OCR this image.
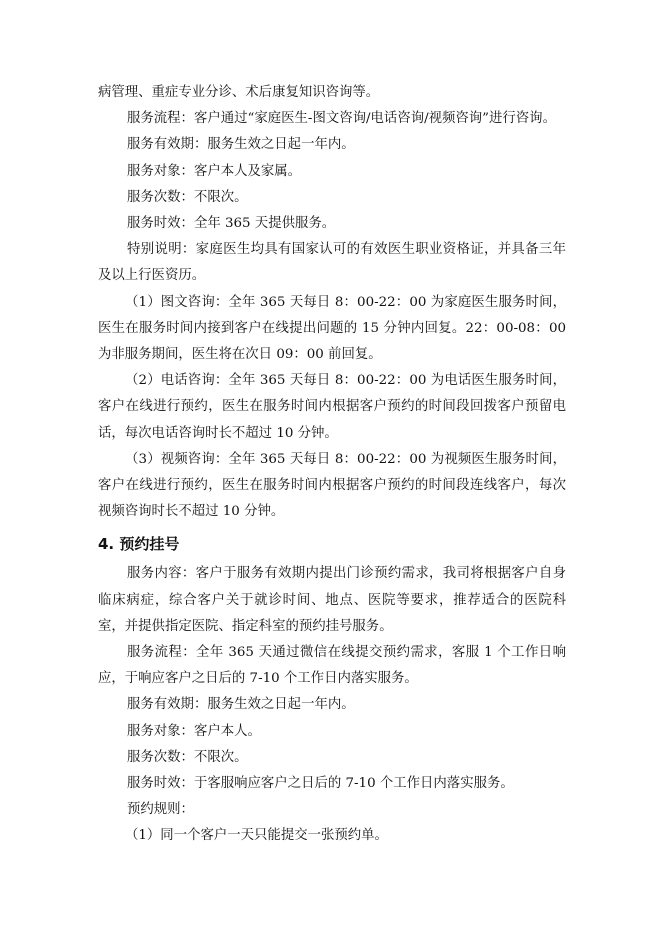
病管理、重症专业分诊、术后康复知识咨询等。

服务流程：客户通过“家庭医生-图文咨询/电话咨询/视频咨询”进行咨询。

服务有效期：服务生效之日起一年内。

服务对象：客户本人及家属。

服务次数：不限次。

服务时效：全年 365 天提供服务。

特别说明：家庭医生均具有国家认可的有效医生职业资格证，并具备三年及以上行医资历。

（1）图文咨询：全年 365 天每日 8：00-22：00 为家庭医生服务时间，医生在服务时间内接到客户在线提出问题的 15 分钟内回复。22：00-08：00 为非服务期间，医生将在次日 09：00 前回复。

（2）电话咨询：全年 365 天每日 8：00-22：00 为电话医生服务时间，客户在线进行预约，医生在服务时间内根据客户预约的时间段回拨客户预留电话，每次电话咨询时长不超过 10 分钟。

（3）视频咨询：全年 365 天每日 8：00-22：00 为视频医生服务时间，客户在线进行预约，医生在服务时间内根据客户预约的时间段连线客户，每次视频咨询时长不超过 10 分钟。

4. 预约挂号

服务内容：客户于服务有效期内提出门诊预约需求，我司将根据客户自身临床病症，综合客户关于就诊时间、地点、医院等要求，推荐适合的医院科室，并提供指定医院、指定科室的预约挂号服务。

服务流程：全年 365 天通过微信在线提交预约需求，客服 1 个工作日响应，于响应客户之日后的 7-10 个工作日内落实服务。

服务有效期：服务生效之日起一年内。

服务对象：客户本人。

服务次数：不限次。

服务时效：于客服响应客户之日后的 7-10 个工作日内落实服务。

预约规则：

（1）同一个客户一天只能提交一张预约单。
